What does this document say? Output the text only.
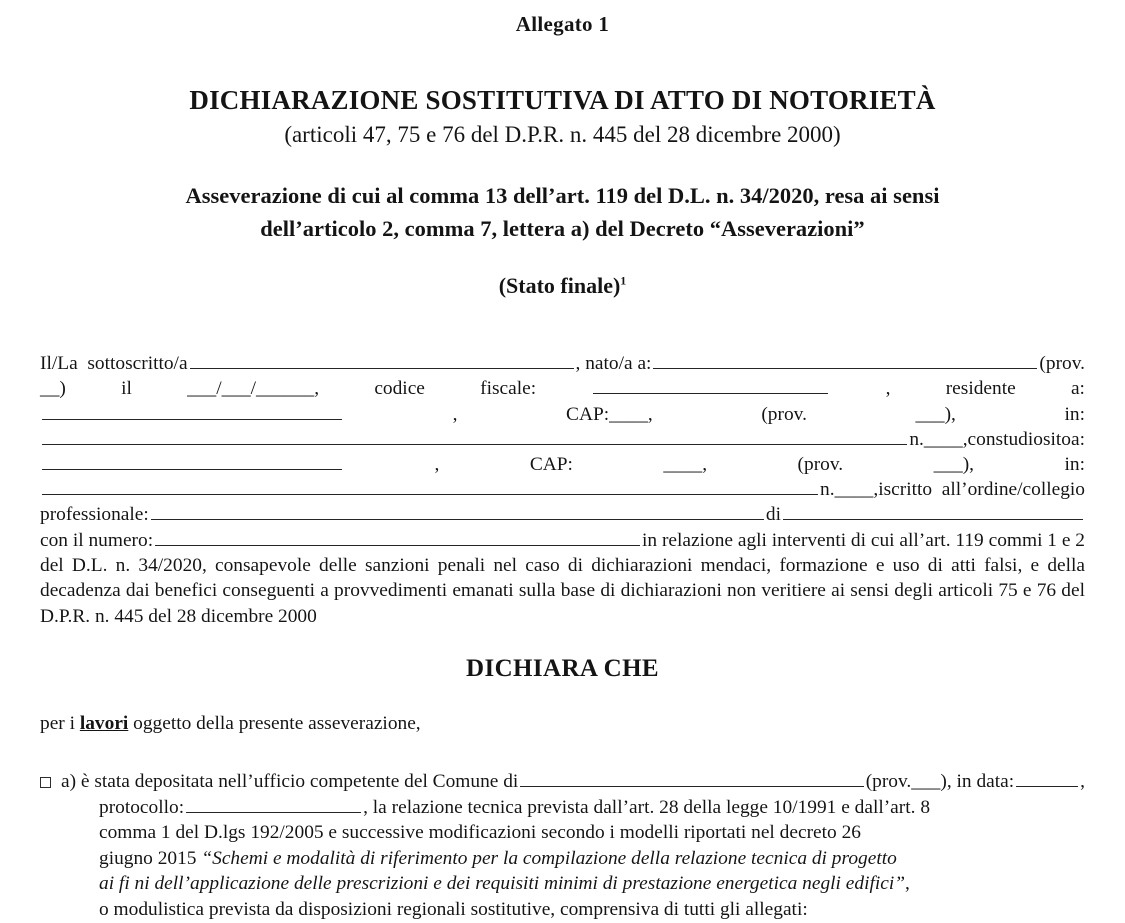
Allegato 1
DICHIARAZIONE SOSTITUTIVA DI ATTO DI NOTORIETÀ
(articoli 47, 75 e 76 del D.P.R. n. 445 del 28 dicembre 2000)
Asseverazione di cui al comma 13 dell’art. 119 del D.L. n. 34/2020, resa ai sensi
dell’articolo 2, comma 7, lettera a) del Decreto “Asseverazioni”
(Stato finale)$^1$
Il/La  sottoscritto/a	, nato/a a:	(prov.
__)	il	___/___/______,	codice	fiscale:	,	residente	a:
,	CAP:____,	(prov.	___),	in:
n. ____, con studio sito a:
,	CAP:	____,	(prov.	___),	in:
n. ____, iscritto  all’ordine/collegio
professionale:	di
con il numero:	in relazione agli interventi di cui all’art. 119 commi 1 e 2

del D.L. n. 34/2020, consapevole delle sanzioni penali nel caso di dichiarazioni mendaci, formazione e uso di atti falsi, e della decadenza dai benefici conseguenti a provvedimenti emanati sulla base di dichiarazioni non veritiere ai sensi degli articoli 75 e 76 del D.P.R. n. 445 del 28 dicembre 2000

DICHIARA CHE
per i lavori oggetto della presente asseverazione,
a) è stata depositata nell’ufficio competente del Comune di	(prov. ___), in data:	,
protocollo:	, la relazione tecnica prevista dall’art. 28 della legge 10/1991 e dall’art. 8
comma 1 del D.lgs 192/2005 e successive modificazioni secondo i modelli riportati nel decreto 26
giugno 2015 “Schemi e modalità di riferimento per la compilazione della relazione tecnica di progetto
ai fi ni dell’applicazione delle prescrizioni e dei requisiti minimi di prestazione energetica negli edifici”,
o modulistica prevista da disposizioni regionali sostitutive, comprensiva di tutti gli allegati:
